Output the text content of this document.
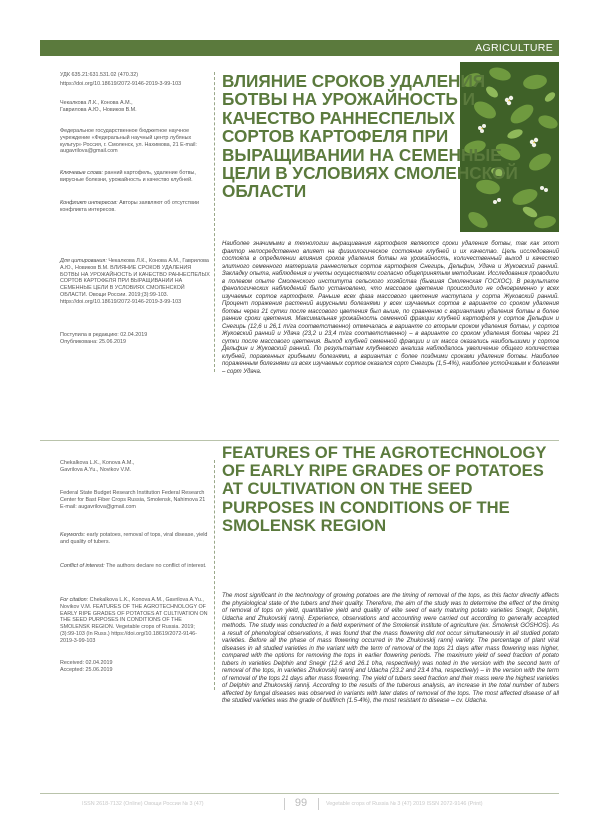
AGRICULTURE

УДК 635.21:631.531.02 (470.32)

https://doi.org/10.18619/2072-9146-2019-3-99-103

Чекалкова Л.К., Конова А.М.,
Гаврилова А.Ю., Новиков В.М.

Федеральное государственное бюджетное научное учреждение «Федеральный научный центр лубяных культур» Россия, г. Смоленск, ул. Нахимова, 21 E-mail: augavrilova@gmail.com

Ключевые слова: ранний картофель, удаление ботвы, вирусные болезни, урожайность и качество клубней.

Конфликт интересов: Авторы заявляют об отсутствии конфликта интересов.

Для цитирования: Чекалкова Л.К., Конова А.М., Гаврилова А.Ю., Новиков В.М. ВЛИЯНИЕ СРОКОВ УДАЛЕНИЯ БОТВЫ НА УРОЖАЙНОСТЬ И КАЧЕСТВО РАННЕСПЕЛЫХ СОРТОВ КАРТОФЕЛЯ ПРИ ВЫРАЩИВАНИИ НА СЕМЕННЫЕ ЦЕЛИ В УСЛОВИЯХ СМОЛЕНСКОЙ ОБЛАСТИ. Овощи России. 2019;(3):99-103. https://doi.org/10.18619/2072-9146-2019-3-99-103

Поступила в редакцию: 02.04.2019
Опубликована: 25.06.2019
ВЛИЯНИЕ СРОКОВ УДАЛЕНИЯ БОТВЫ НА УРОЖАЙНОСТЬ И КАЧЕСТВО РАННЕСПЕЛЫХ СОРТОВ КАРТОФЕЛЯ ПРИ ВЫРАЩИВАНИИ НА СЕМЕННЫЕ ЦЕЛИ В УСЛОВИЯХ СМОЛЕНСКОЙ ОБЛАСТИ
Наиболее значимыми в технологии выращивания картофеля являются сроки удаления ботвы, так как этот фактор непосредственно влияет на физиологическое состояние клубней и их качество. Цель исследований состояла в определении влияния сроков удаления ботвы на урожайность, количественный выход и качество элитного семенного материала раннеспелых сортов картофеля Снегирь, Дельфин, Удача и Жуковский ранний. Закладку опыта, наблюдения и учеты осуществляли согласно общепринятым методикам. Исследования проводили в полевом опыте Смоленского института сельского хозяйства (бывшая Смоленская ГОСХОС). В результате фенологических наблюдений было установлено, что массовое цветение происходило не одновременно у всех изучаемых сортов картофеля. Раньше всех фаза массового цветения наступала у сорта Жуковский ранний. Процент поражения растений вирусными болезнями у всех изучаемых сортов в варианте со сроком удаления ботвы через 21 сутки после массового цветения был выше, по сравнению с вариантами удаления ботвы в более ранние сроки цветения. Максимальная урожайность семенной фракции клубней картофеля у сортов Дельфин и Снегирь (12,6 и 26,1 т/га соответственно) отмечалась в варианте со вторым сроком удаления ботвы, у сортов Жуковский ранний и Удача (23,2 и 23,4 т/га соответственно) – в варианте со сроком удаления ботвы через 21 сутки после массового цветения. Выход клубней семенной фракции и их масса оказались наибольшими у сортов Дельфин и Жуковский ранний. По результатам клубневого анализа наблюдалось увеличение общего количества клубней, пораженных грибными болезнями, в вариантах с более поздними сроками удаления ботвы. Наиболее пораженным болезнями из всех изучаемых сортов оказался сорт Снегирь (1,5-4%), наиболее устойчивым к болезням – сорт Удача.
Chekalkova L.K., Konova A.M.,
Gavrilova A.Yu., Novikov V.M.

Federal State Budget Research Institution Federal Research Center for Bast Fiber Crops Russia, Smolensk, Nahimova 21 E-mail: augavrilova@gmail.com

Keywords: early potatoes, removal of tops, viral disease, yield and quality of tubers.

Conflict of interest: The authors declare no conflict of interest.

For citation: Chekalkova L.K., Konova A.M., Gavrilova A.Yu., Novikov V.M. FEATURES OF THE AGROTECHNOLOGY OF EARLY RIPE GRADES OF POTATOES AT CULTIVATION ON THE SEED PURPOSES IN CONDITIONS OF THE SMOLENSK REGION. Vegetable crops of Russia. 2019;(3):99-103 (In Russ.) https://doi.org/10.18619/2072-9146-2019-3-99-103

Received: 02.04.2019
Accepted: 25.06.2019
FEATURES OF THE AGROTECHNOLOGY OF EARLY RIPE GRADES OF POTATOES AT CULTIVATION ON THE SEED PURPOSES IN CONDITIONS OF THE SMOLENSK REGION
The most significant in the technology of growing potatoes are the timing of removal of the tops, as this factor directly affects the physiological state of the tubers and their quality. Therefore, the aim of the study was to determine the effect of the timing of removal of tops on yield, quantitative yield and quality of elite seed of early maturing potato varieties Snegir, Delphin, Udacha and Zhukovskij rannij. Experience, observations and accounting were carried out according to generally accepted methods. The study was conducted in a field experiment of the Smolensk institute of agriculture (ex. Smolensk GOSHOS). As a result of phenological observations, it was found that the mass flowering did not occur simultaneously in all studied potato varieties. Before all the phase of mass flowering occurred in the Zhukovskij rannij variety. The percentage of plant viral diseases in all studied varieties in the variant with the term of removal of the tops 21 days after mass flowering was higher, compared with the options for removing the tops in earlier flowering periods. The maximum yield of seed fraction of potato tubers in varieties Delphin and Snegir (12.6 and 26.1 t/ha, respectively) was noted in the version with the second term of removal of the tops, in varieties Zhukovskij rannij and Udacha (23.2 and 23.4 t/ha, respectively) – in the version with the term of removal of the tops 21 days after mass flowering. The yield of tubers seed fraction and their mass were the highest varieties of Delphin and Zhukovskij rannij. According to the results of the tuberous analysis, an increase in the total number of tubers affected by fungal diseases was observed in variants with later dates of removal of the tops. The most affected disease of all the studied varieties was the grade of bullfinch (1.5-4%), the most resistant to disease – cv. Udacha.
ISSN 2618-7132 (Online) Овощи России № 3 (47)	99	Vegetable crops of Russia № 3 (47) 2019 ISSN 2072-9146 (Print)
